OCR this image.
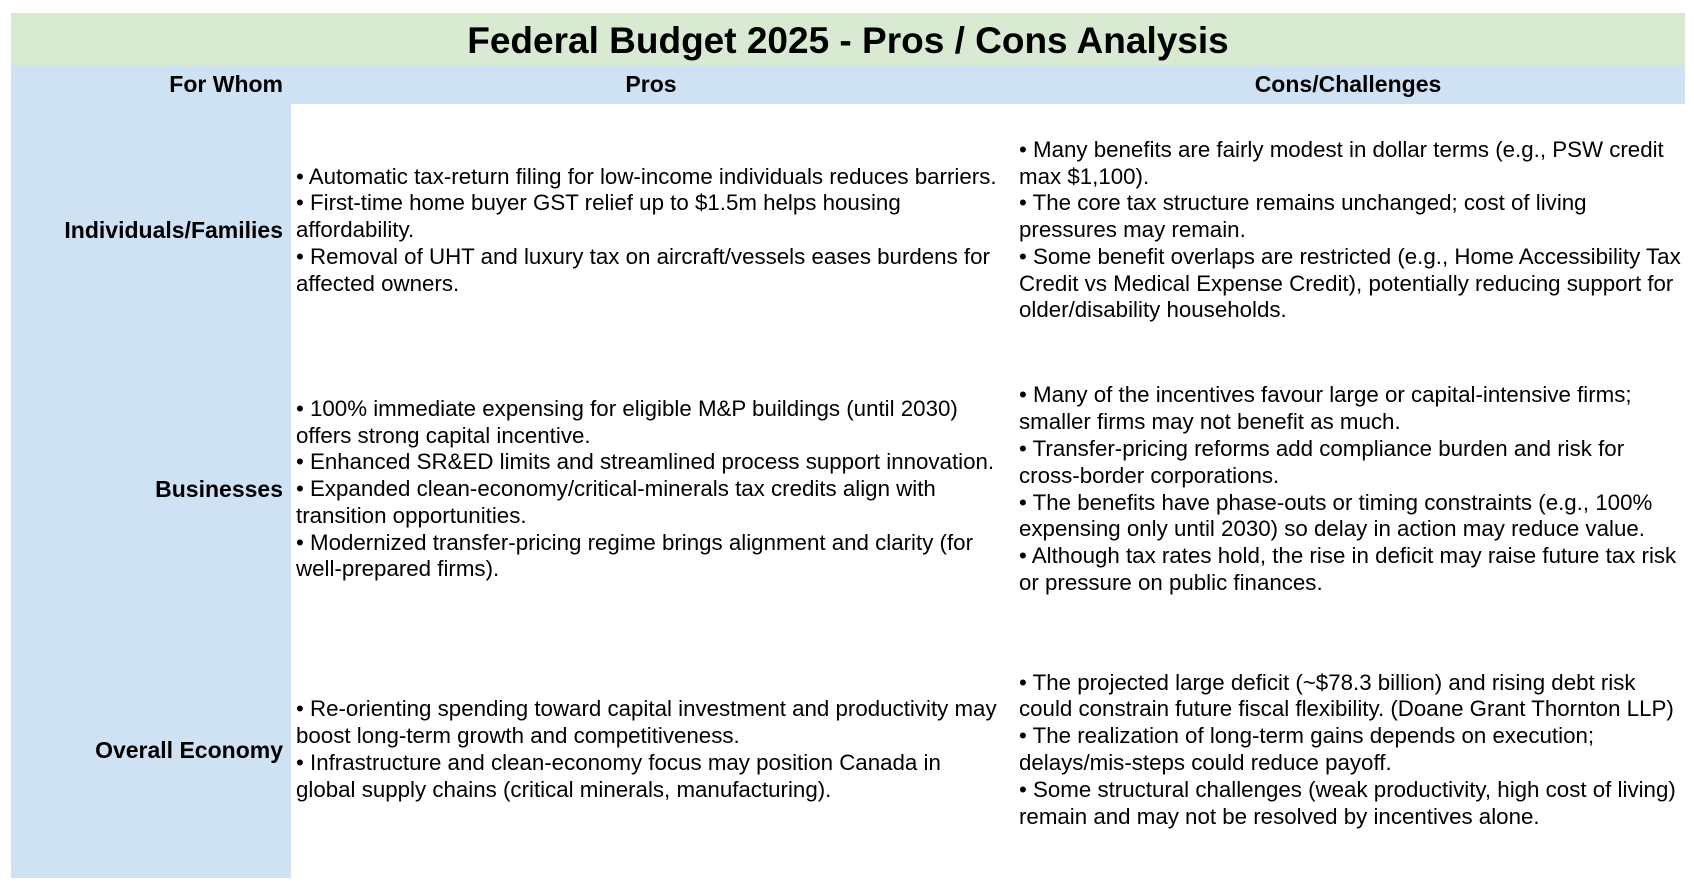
Federal Budget 2025 - Pros / Cons Analysis
For Whom	Pros	Cons/Challenges
Individuals/Families

• Automatic tax-return filing for low-income individuals reduces barriers.

• First-time home buyer GST relief up to $1.5m helps housing affordability.

• Removal of UHT and luxury tax on aircraft/vessels eases burdens for affected owners.

• Many benefits are fairly modest in dollar terms (e.g., PSW credit max $1,100).

• The core tax structure remains unchanged; cost of living pressures may remain.

• Some benefit overlaps are restricted (e.g., Home Accessibility Tax Credit vs Medical Expense Credit), potentially reducing support for older/disability households.

Businesses

• 100% immediate expensing for eligible M&P buildings (until 2030) offers strong capital incentive.

• Enhanced SR&ED limits and streamlined process support innovation.

• Expanded clean-economy/critical-minerals tax credits align with transition opportunities.

• Modernized transfer-pricing regime brings alignment and clarity (for well-prepared firms).

• Many of the incentives favour large or capital-intensive firms; smaller firms may not benefit as much.

• Transfer-pricing reforms add compliance burden and risk for cross-border corporations.

• The benefits have phase-outs or timing constraints (e.g., 100% expensing only until 2030) so delay in action may reduce value.

• Although tax rates hold, the rise in deficit may raise future tax risk or pressure on public finances.

Overall Economy

• Re-orienting spending toward capital investment and productivity may boost long-term growth and competitiveness.

• Infrastructure and clean-economy focus may position Canada in global supply chains (critical minerals, manufacturing).

• The projected large deficit (~$78.3 billion) and rising debt risk could constrain future fiscal flexibility. (Doane Grant Thornton LLP)

• The realization of long-term gains depends on execution; delays/mis-steps could reduce payoff.

• Some structural challenges (weak productivity, high cost of living) remain and may not be resolved by incentives alone.
